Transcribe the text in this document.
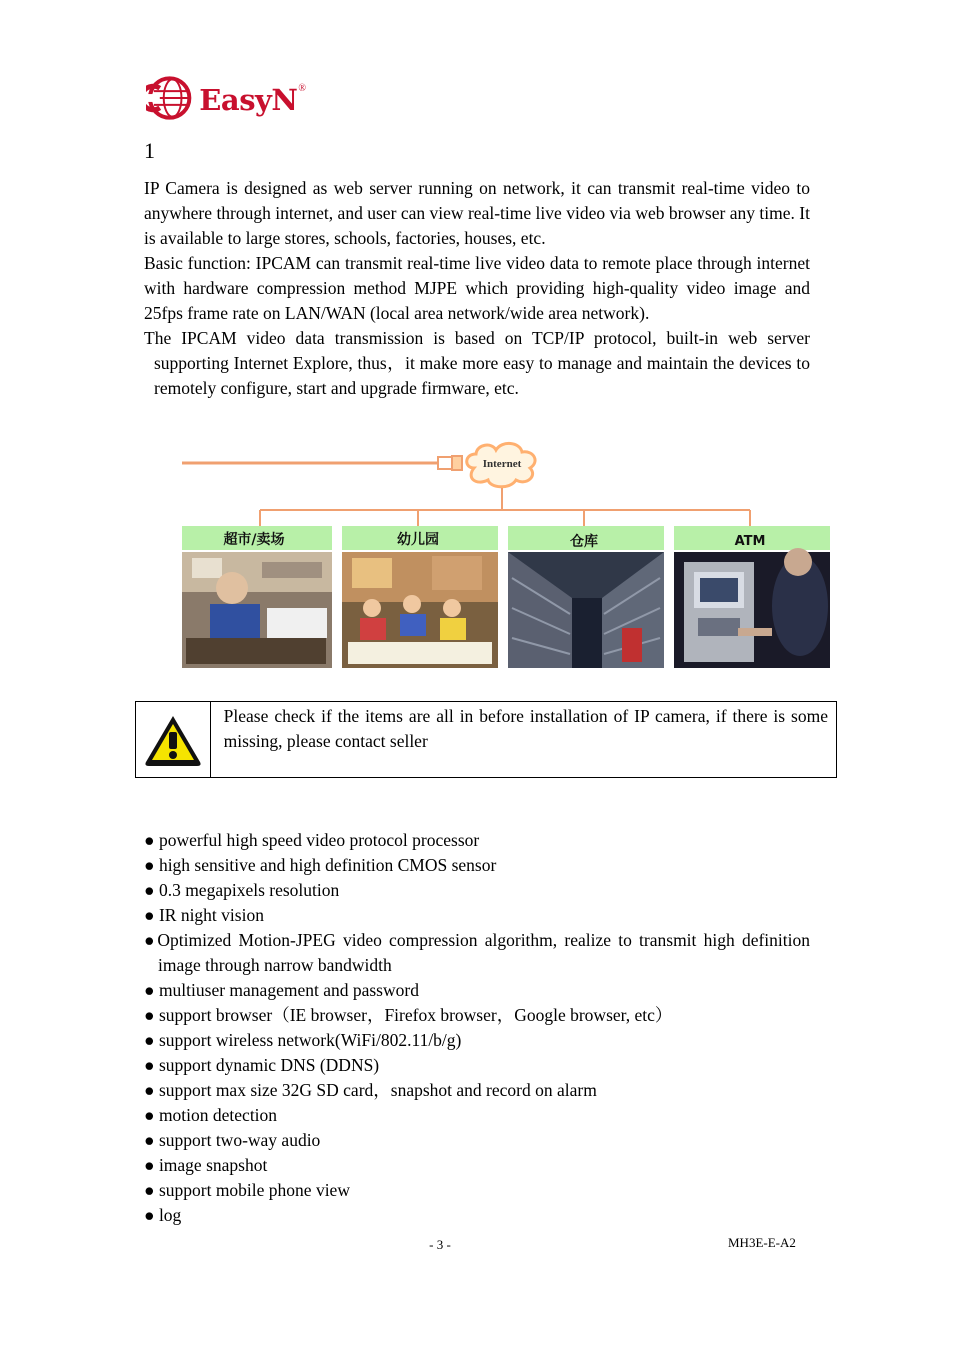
EasyN ®
1

IP Camera is designed as web server running on network, it can transmit real-time video to anywhere through internet, and user can view real-time live video via web browser any time. It is available to large stores, schools, factories, houses, etc.

Basic function: IPCAM can transmit real-time live video data to remote place through internet with hardware compression method MJPE which providing high-quality video image and 25fps frame rate on LAN/WAN (local area network/wide area network).

The IPCAM video data transmission is based on TCP/IP protocol, built-in web server supporting Internet Explore, thus，it make more easy to manage and maintain the devices to remotely configure, start and upgrade firmware, etc.

Internet
超市/卖场	幼儿园	仓库	ATM
Please check if the items are all in before installation of IP camera, if there is some missing, please contact seller
● powerful high speed video protocol processor
● high sensitive and high definition CMOS sensor
● 0.3 megapixels resolution
● IR night vision
●Optimized Motion-JPEG video compression algorithm, realize to transmit high definition image through narrow bandwidth
● multiuser management and password
● support browser（IE browser，Firefox browser，Google browser, etc）
● support wireless network(WiFi/802.11/b/g)
● support dynamic DNS (DDNS)
● support max size 32G SD card，snapshot and record on alarm
● motion detection
● support two-way audio
● image snapshot
● support mobile phone view
● log
- 3 -	MH3E-E-A2
